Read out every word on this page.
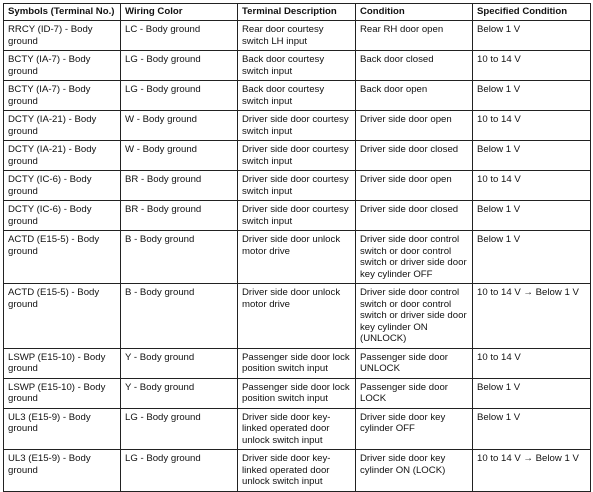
Symbols (Terminal No.)	Wiring Color	Terminal Description	Condition	Specified Condition
RRCY (ID-7) - Body ground	LC - Body ground	Rear door courtesy switch LH input	Rear RH door open	Below 1 V
BCTY (IA-7) - Body ground	LG - Body ground	Back door courtesy switch input	Back door closed	10 to 14 V
BCTY (IA-7) - Body ground	LG - Body ground	Back door courtesy switch input	Back door open	Below 1 V
DCTY (IA-21) - Body ground	W - Body ground	Driver side door courtesy switch input	Driver side door open	10 to 14 V
DCTY (IA-21) - Body ground	W - Body ground	Driver side door courtesy switch input	Driver side door closed	Below 1 V
DCTY (IC-6) - Body ground	BR - Body ground	Driver side door courtesy switch input	Driver side door open	10 to 14 V
DCTY (IC-6) - Body ground	BR - Body ground	Driver side door courtesy switch input	Driver side door closed	Below 1 V
ACTD (E15-5) - Body ground	B - Body ground	Driver side door unlock motor drive	Driver side door control switch or door control switch or driver side door key cylinder OFF	Below 1 V
ACTD (E15-5) - Body ground	B - Body ground	Driver side door unlock motor drive	Driver side door control switch or door control switch or driver side door key cylinder ON (UNLOCK)	10 to 14 V → Below 1 V
LSWP (E15-10) - Body ground	Y - Body ground	Passenger side door lock position switch input	Passenger side door UNLOCK	10 to 14 V
LSWP (E15-10) - Body ground	Y - Body ground	Passenger side door lock position switch input	Passenger side door LOCK	Below 1 V
UL3 (E15-9) - Body ground	LG - Body ground	Driver side door key-linked operated door unlock switch input	Driver side door key cylinder OFF	Below 1 V
UL3 (E15-9) - Body ground	LG - Body ground	Driver side door key-linked operated door unlock switch input	Driver side door key cylinder ON (LOCK)	10 to 14 V → Below 1 V
